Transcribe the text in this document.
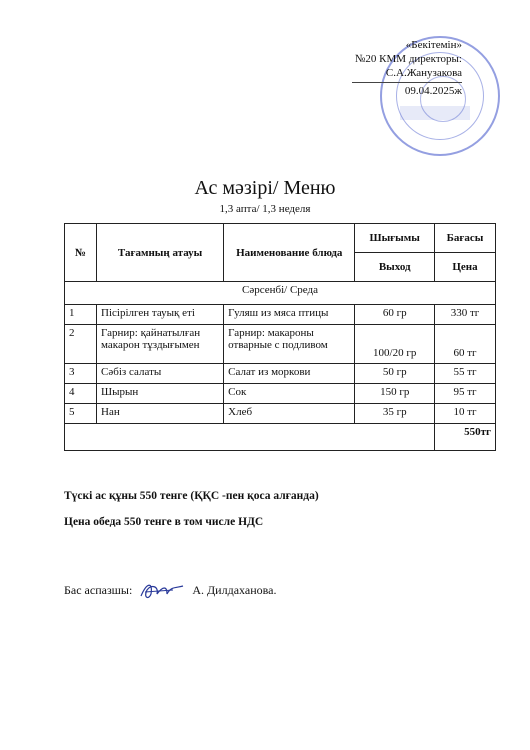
«Бекітемін»
№20 КММ директоры:
С.А.Жанузакова
09.04.2025ж
Ас мәзірі/ Меню
1,3 апта/ 1,3 неделя
№	Тағамның атауы	Наименование блюда	Шығымы	Бағасы
			Выход	Цена
Сәрсенбі/ Среда				
1	Пісірілген тауық еті	Гуляш из мяса птицы	60 гр	330 тг
2	Гарнир: қайнатылған макарон тұздығымен	Гарнир: макароны отварные с подливом	100/20 гр	60 тг
3	Сәбіз салаты	Салат из моркови	50 гр	55 тг
4	Шырын	Сок	150 гр	95 тг
5	Нан	Хлеб	35 гр	10 тг
				550тг
Түскі ас құны 550 тенге (ҚҚС -пен қоса алғанда)
Цена обеда 550 тенге в том числе НДС
Бас аспазшы:	А. Дилдаханова.
